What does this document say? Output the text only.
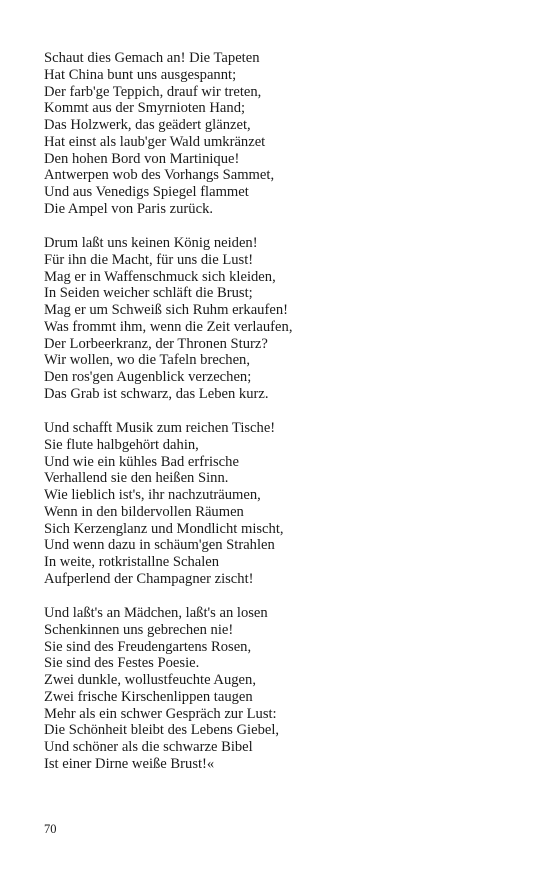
Schaut dies Gemach an! Die Tapeten
Hat China bunt uns ausgespannt;
Der farb'ge Teppich, drauf wir treten,
Kommt aus der Smyrnioten Hand;
Das Holzwerk, das geädert glänzet,
Hat einst als laub'ger Wald umkränzet
Den hohen Bord von Martinique!
Antwerpen wob des Vorhangs Sammet,
Und aus Venedigs Spiegel flammet
Die Ampel von Paris zurück.
Drum laßt uns keinen König neiden!
Für ihn die Macht, für uns die Lust!
Mag er in Waffenschmuck sich kleiden,
In Seiden weicher schläft die Brust;
Mag er um Schweiß sich Ruhm erkaufen!
Was frommt ihm, wenn die Zeit verlaufen,
Der Lorbeerkranz, der Thronen Sturz?
Wir wollen, wo die Tafeln brechen,
Den ros'gen Augenblick verzechen;
Das Grab ist schwarz, das Leben kurz.
Und schafft Musik zum reichen Tische!
Sie flute halbgehört dahin,
Und wie ein kühles Bad erfrische
Verhallend sie den heißen Sinn.
Wie lieblich ist's, ihr nachzuträumen,
Wenn in den bildervollen Räumen
Sich Kerzenglanz und Mondlicht mischt,
Und wenn dazu in schäum'gen Strahlen
In weite, rotkristallne Schalen
Aufperlend der Champagner zischt!
Und laßt's an Mädchen, laßt's an losen
Schenkinnen uns gebrechen nie!
Sie sind des Freudengartens Rosen,
Sie sind des Festes Poesie.
Zwei dunkle, wollustfeuchte Augen,
Zwei frische Kirschenlippen taugen
Mehr als ein schwer Gespräch zur Lust:
Die Schönheit bleibt des Lebens Giebel,
Und schöner als die schwarze Bibel
Ist einer Dirne weiße Brust!«
70
